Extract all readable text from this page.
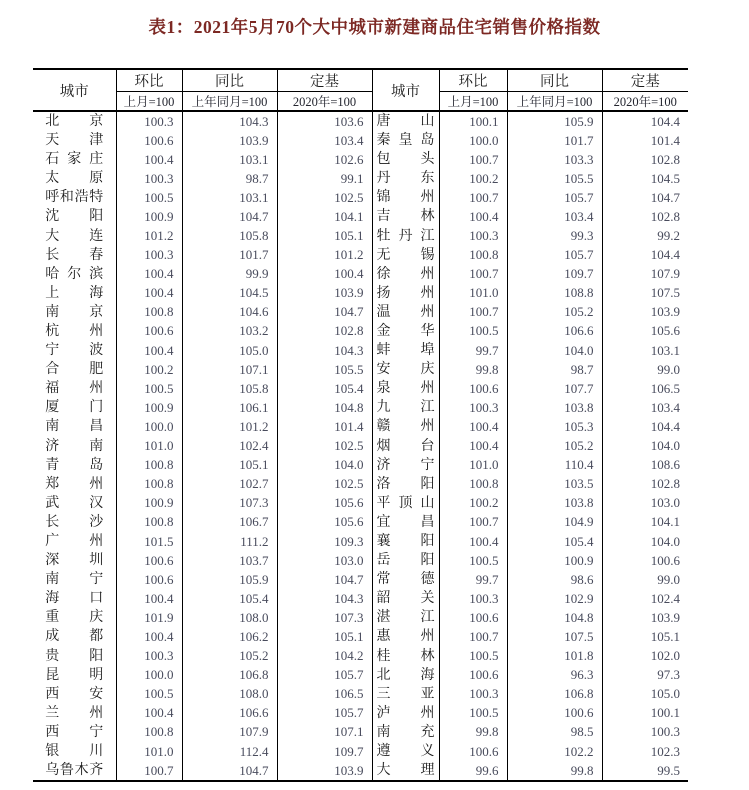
表1：2021年5月70个大中城市新建商品住宅销售价格指数
城市	环比	同比	定基	城市	环比	同比	定基
	上月=100	上年同月=100	2020年=100		上月=100	上年同月=100	2020年=100

北 京	100.3	104.3	103.6	唐 山	100.1	105.9	104.4

天 津	100.6	103.9	103.4	秦 皇 岛	100.0	101.7	101.4

石 家 庄	100.4	103.1	102.6	包 头	100.7	103.3	102.8

太 原	100.3	98.7	99.1	丹 东	100.2	105.5	104.5

呼 和 浩 特	100.5	103.1	102.5	锦 州	100.7	105.7	104.7

沈 阳	100.9	104.7	104.1	吉 林	100.4	103.4	102.8

大 连	101.2	105.8	105.1	牡 丹 江	100.3	99.3	99.2

长 春	100.3	101.7	101.2	无 锡	100.8	105.7	104.4

哈 尔 滨	100.4	99.9	100.4	徐 州	100.7	109.7	107.9

上 海	100.4	104.5	103.9	扬 州	101.0	108.8	107.5

南 京	100.8	104.6	104.7	温 州	100.7	105.2	103.9

杭 州	100.6	103.2	102.8	金 华	100.5	106.6	105.6

宁 波	100.4	105.0	104.3	蚌 埠	99.7	104.0	103.1

合 肥	100.2	107.1	105.5	安 庆	99.8	98.7	99.0

福 州	100.5	105.8	105.4	泉 州	100.6	107.7	106.5

厦 门	100.9	106.1	104.8	九 江	100.3	103.8	103.4

南 昌	100.0	101.2	101.4	赣 州	100.4	105.3	104.4

济 南	101.0	102.4	102.5	烟 台	100.4	105.2	104.0

青 岛	100.8	105.1	104.0	济 宁	101.0	110.4	108.6

郑 州	100.8	102.7	102.5	洛 阳	100.8	103.5	102.8

武 汉	100.9	107.3	105.6	平 顶 山	100.2	103.8	103.0

长 沙	100.8	106.7	105.6	宜 昌	100.7	104.9	104.1

广 州	101.5	111.2	109.3	襄 阳	100.4	105.4	104.0

深 圳	100.6	103.7	103.0	岳 阳	100.5	100.9	100.6

南 宁	100.6	105.9	104.7	常 德	99.7	98.6	99.0

海 口	100.4	105.4	104.3	韶 关	100.3	102.9	102.4

重 庆	101.9	108.0	107.3	湛 江	100.6	104.8	103.9

成 都	100.4	106.2	105.1	惠 州	100.7	107.5	105.1

贵 阳	100.3	105.2	104.2	桂 林	100.5	101.8	102.0

昆 明	100.0	106.8	105.7	北 海	100.6	96.3	97.3

西 安	100.5	108.0	106.5	三 亚	100.3	106.8	105.0

兰 州	100.4	106.6	105.7	泸 州	100.5	100.6	100.1

西 宁	100.8	107.9	107.1	南 充	99.8	98.5	100.3

银 川	101.0	112.4	109.7	遵 义	100.6	102.2	102.3

乌 鲁 木 齐	100.7	104.7	103.9	大 理	99.6	99.8	99.5
